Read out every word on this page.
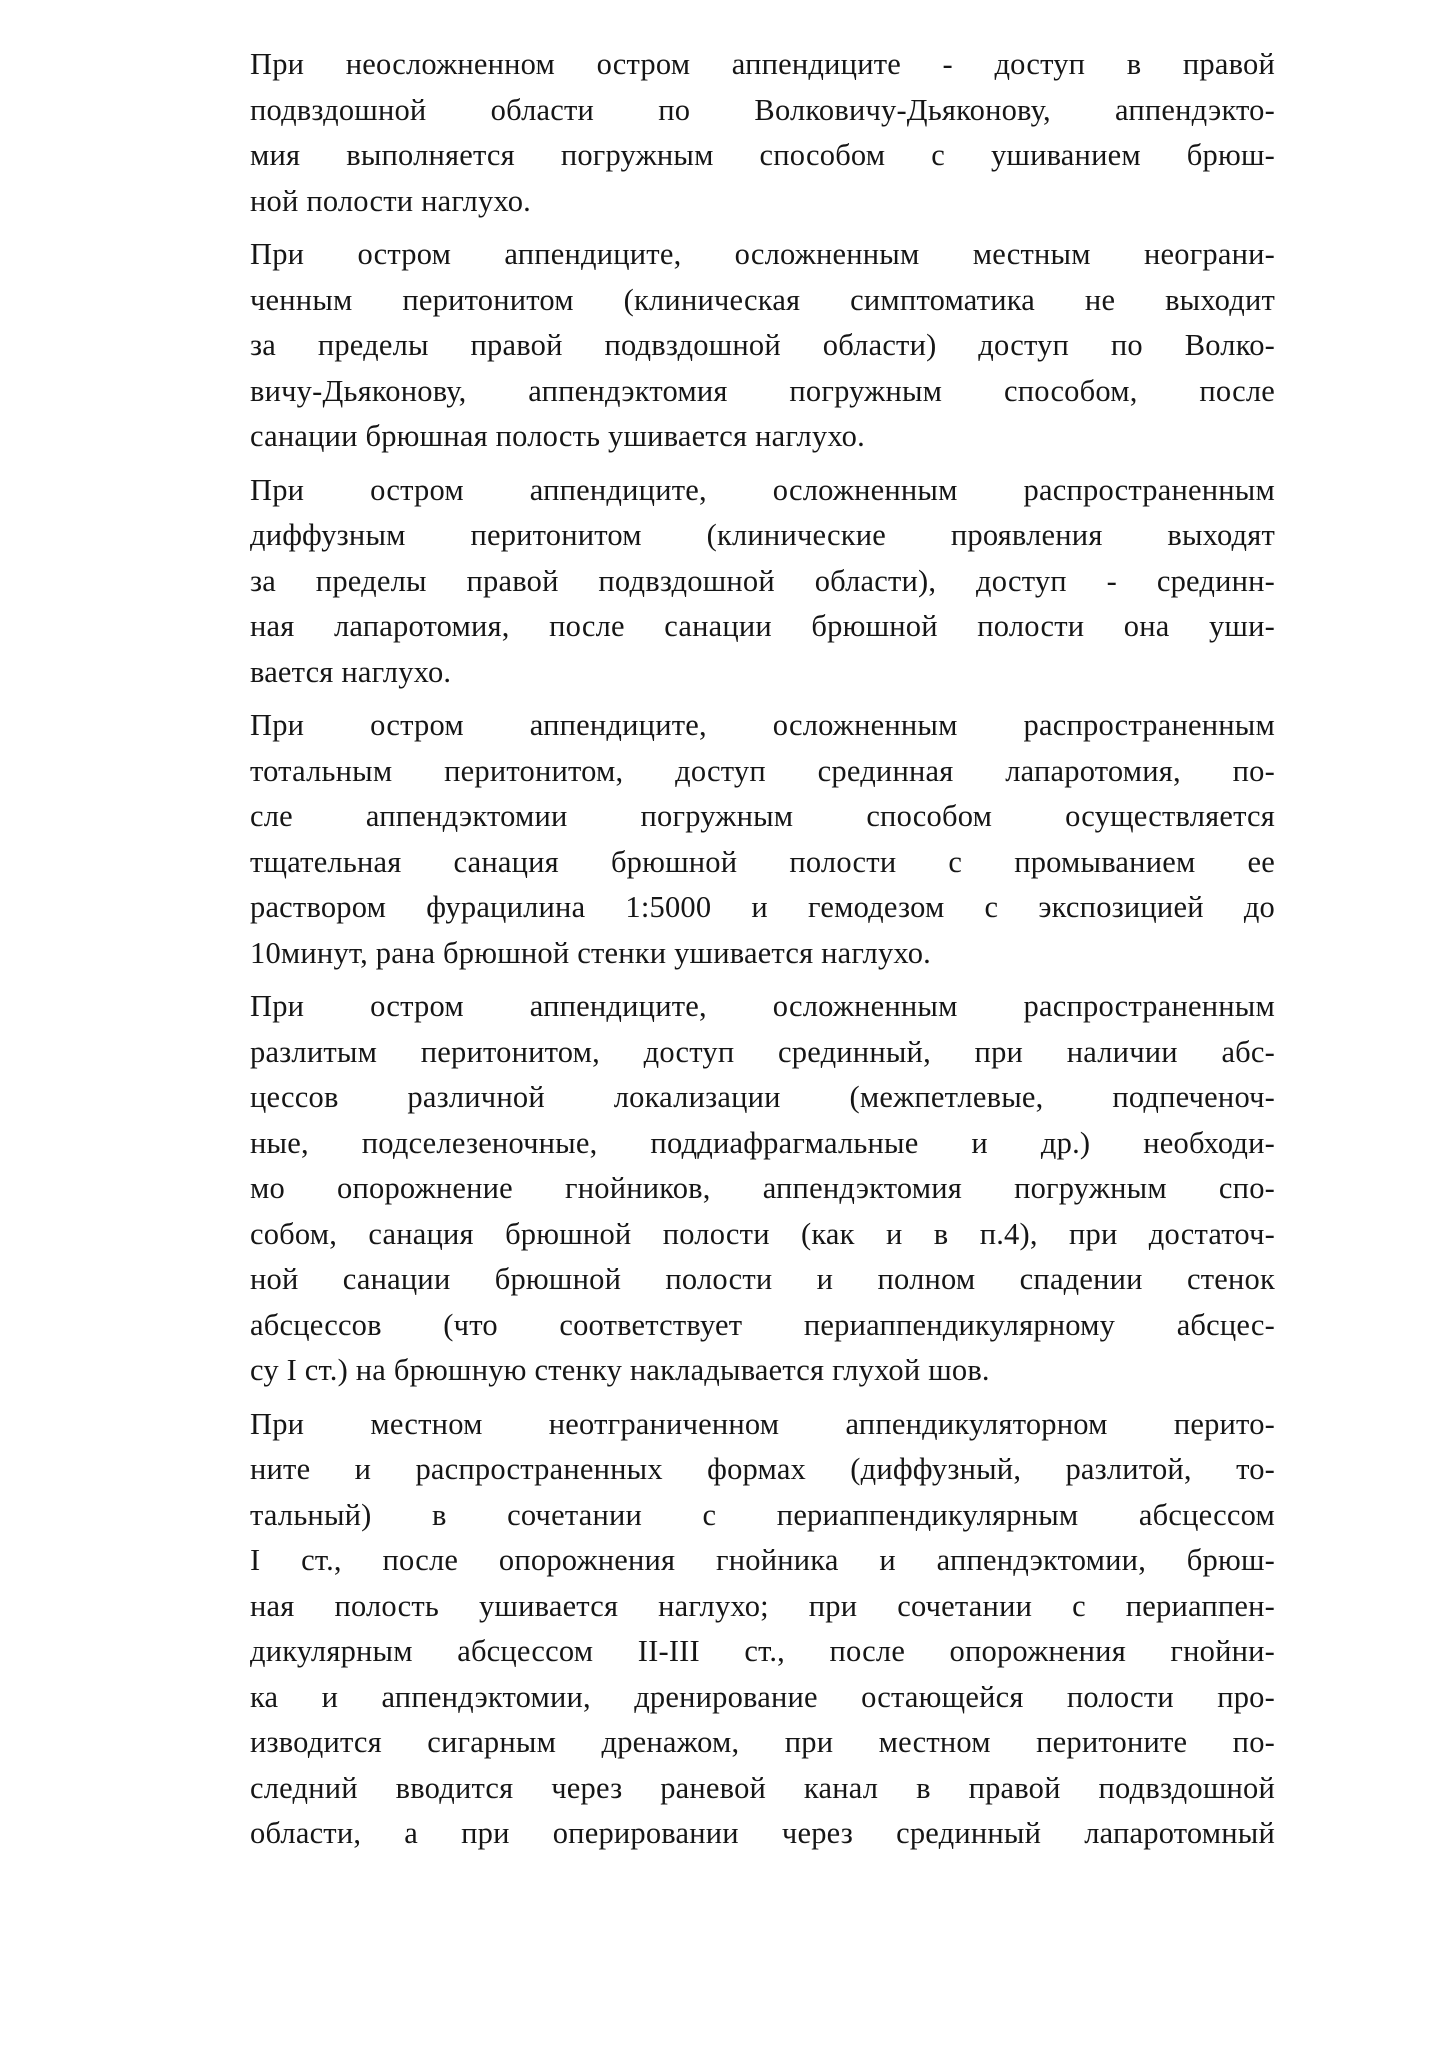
При неосложненном остром аппендиците - доступ в правой
подвздошной области по Волковичу-Дьяконову, аппендэкто-
мия выполняется погружным способом с ушиванием брюш-
ной полости наглухо.
При остром аппендиците, осложненным местным неограни-
ченным перитонитом (клиническая симптоматика не выходит
за пределы правой подвздошной области) доступ по Волко-
вичу-Дьяконову, аппендэктомия погружным способом, после
санации брюшная полость ушивается наглухо.
При остром аппендиците, осложненным распространенным
диффузным перитонитом (клинические проявления выходят
за пределы правой подвздошной области), доступ - срединн-
ная лапаротомия, после санации брюшной полости она уши-
вается наглухо.
При остром аппендиците, осложненным распространенным
тотальным перитонитом, доступ срединная лапаротомия, по-
сле аппендэктомии погружным способом осуществляется
тщательная санация брюшной полости с промыванием ее
раствором фурацилина 1:5000 и гемодезом с экспозицией до
10минут, рана брюшной стенки ушивается наглухо.
При остром аппендиците, осложненным распространенным
разлитым перитонитом, доступ срединный, при наличии абс-
цессов различной локализации (межпетлевые, подпеченоч-
ные, подселезеночные, поддиафрагмальные и др.) необходи-
мо опорожнение гнойников, аппендэктомия погружным спо-
собом, санация брюшной полости (как и в п.4), при достаточ-
ной санации брюшной полости и полном спадении стенок
абсцессов (что соответствует периаппендикулярному абсцес-
су I ст.) на брюшную стенку накладывается глухой шов.
При местном неотграниченном аппендикуляторном перито-
ните и распространенных формах (диффузный, разлитой, то-
тальный) в сочетании с периаппендикулярным абсцессом
I ст., после опорожнения гнойника и аппендэктомии, брюш-
ная полость ушивается наглухо; при сочетании с периаппен-
дикулярным абсцессом II-III ст., после опорожнения гнойни-
ка и аппендэктомии, дренирование остающейся полости про-
изводится сигарным дренажом, при местном перитоните по-
следний вводится через раневой канал в правой подвздошной
области, а при оперировании через срединный лапаротомный
